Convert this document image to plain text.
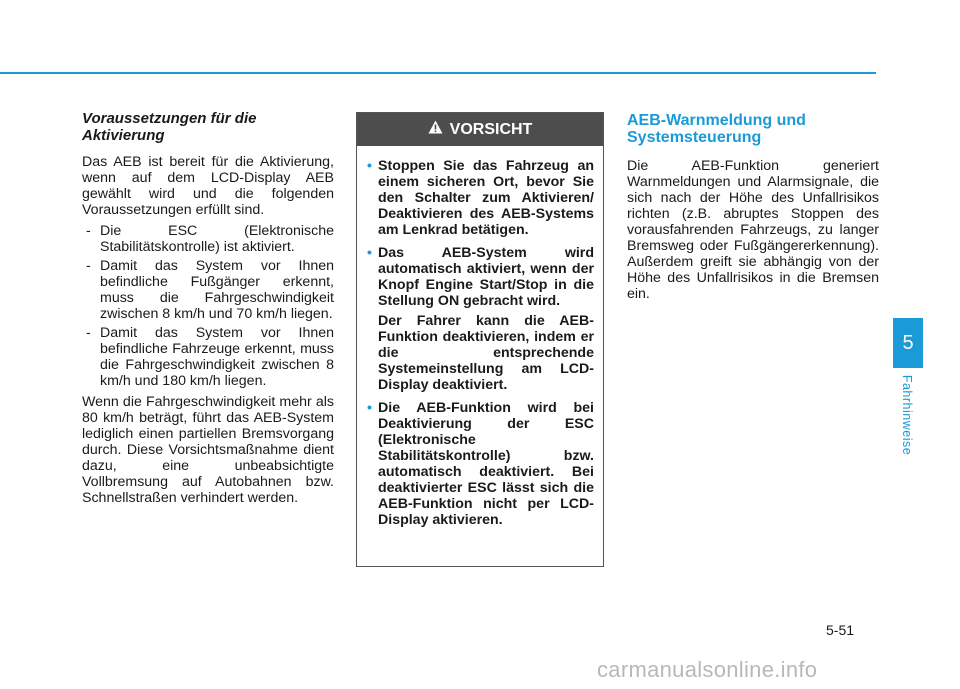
Voraussetzungen für die Aktivierung

Das AEB ist bereit für die Aktivierung, wenn auf dem LCD-Display AEB gewählt wird und die folgenden Voraussetzungen erfüllt sind.

- Die ESC (Elektronische Stabilitätskontrolle) ist aktiviert.
- Damit das System vor Ihnen befindliche Fußgänger erkennt, muss die Fahrgeschwindigkeit zwischen 8 km/h und 70 km/h liegen.
- Damit das System vor Ihnen befindliche Fahrzeuge erkennt, muss die Fahrgeschwindigkeit zwischen 8 km/h und 180 km/h liegen.

Wenn die Fahrgeschwindigkeit mehr als 80 km/h beträgt, führt das AEB-System lediglich einen partiellen Bremsvorgang durch. Diese Vorsichtsmaßnahme dient dazu, eine unbeabsichtigte Vollbremsung auf Autobahnen bzw. Schnellstraßen verhindert werden.

VORSICHT
• Stoppen Sie das Fahrzeug an einem sicheren Ort, bevor Sie den Schalter zum Aktivieren/ Deaktivieren des AEB-Systems am Lenkrad betätigen.
• Das AEB-System wird automatisch aktiviert, wenn der Knopf Engine Start/Stop in die Stellung ON gebracht wird.
Der Fahrer kann die AEB-Funktion deaktivieren, indem er die entsprechende Systemeinstellung am LCD-Display deaktiviert.
• Die AEB-Funktion wird bei Deaktivierung der ESC (Elektronische Stabilitätskontrolle) bzw. automatisch deaktiviert. Bei deaktivierter ESC lässt sich die AEB-Funktion nicht per LCD-Display aktivieren.
AEB-Warnmeldung und Systemsteuerung

Die AEB-Funktion generiert Warnmeldungen und Alarmsignale, die sich nach der Höhe des Unfallrisikos richten (z.B. abruptes Stoppen des vorausfahrenden Fahrzeugs, zu langer Bremsweg oder Fußgängererkennung). Außerdem greift sie abhängig von der Höhe des Unfallrisikos in die Bremsen ein.

5
Fahrhinweise
5-51
carmanualsonline.info
